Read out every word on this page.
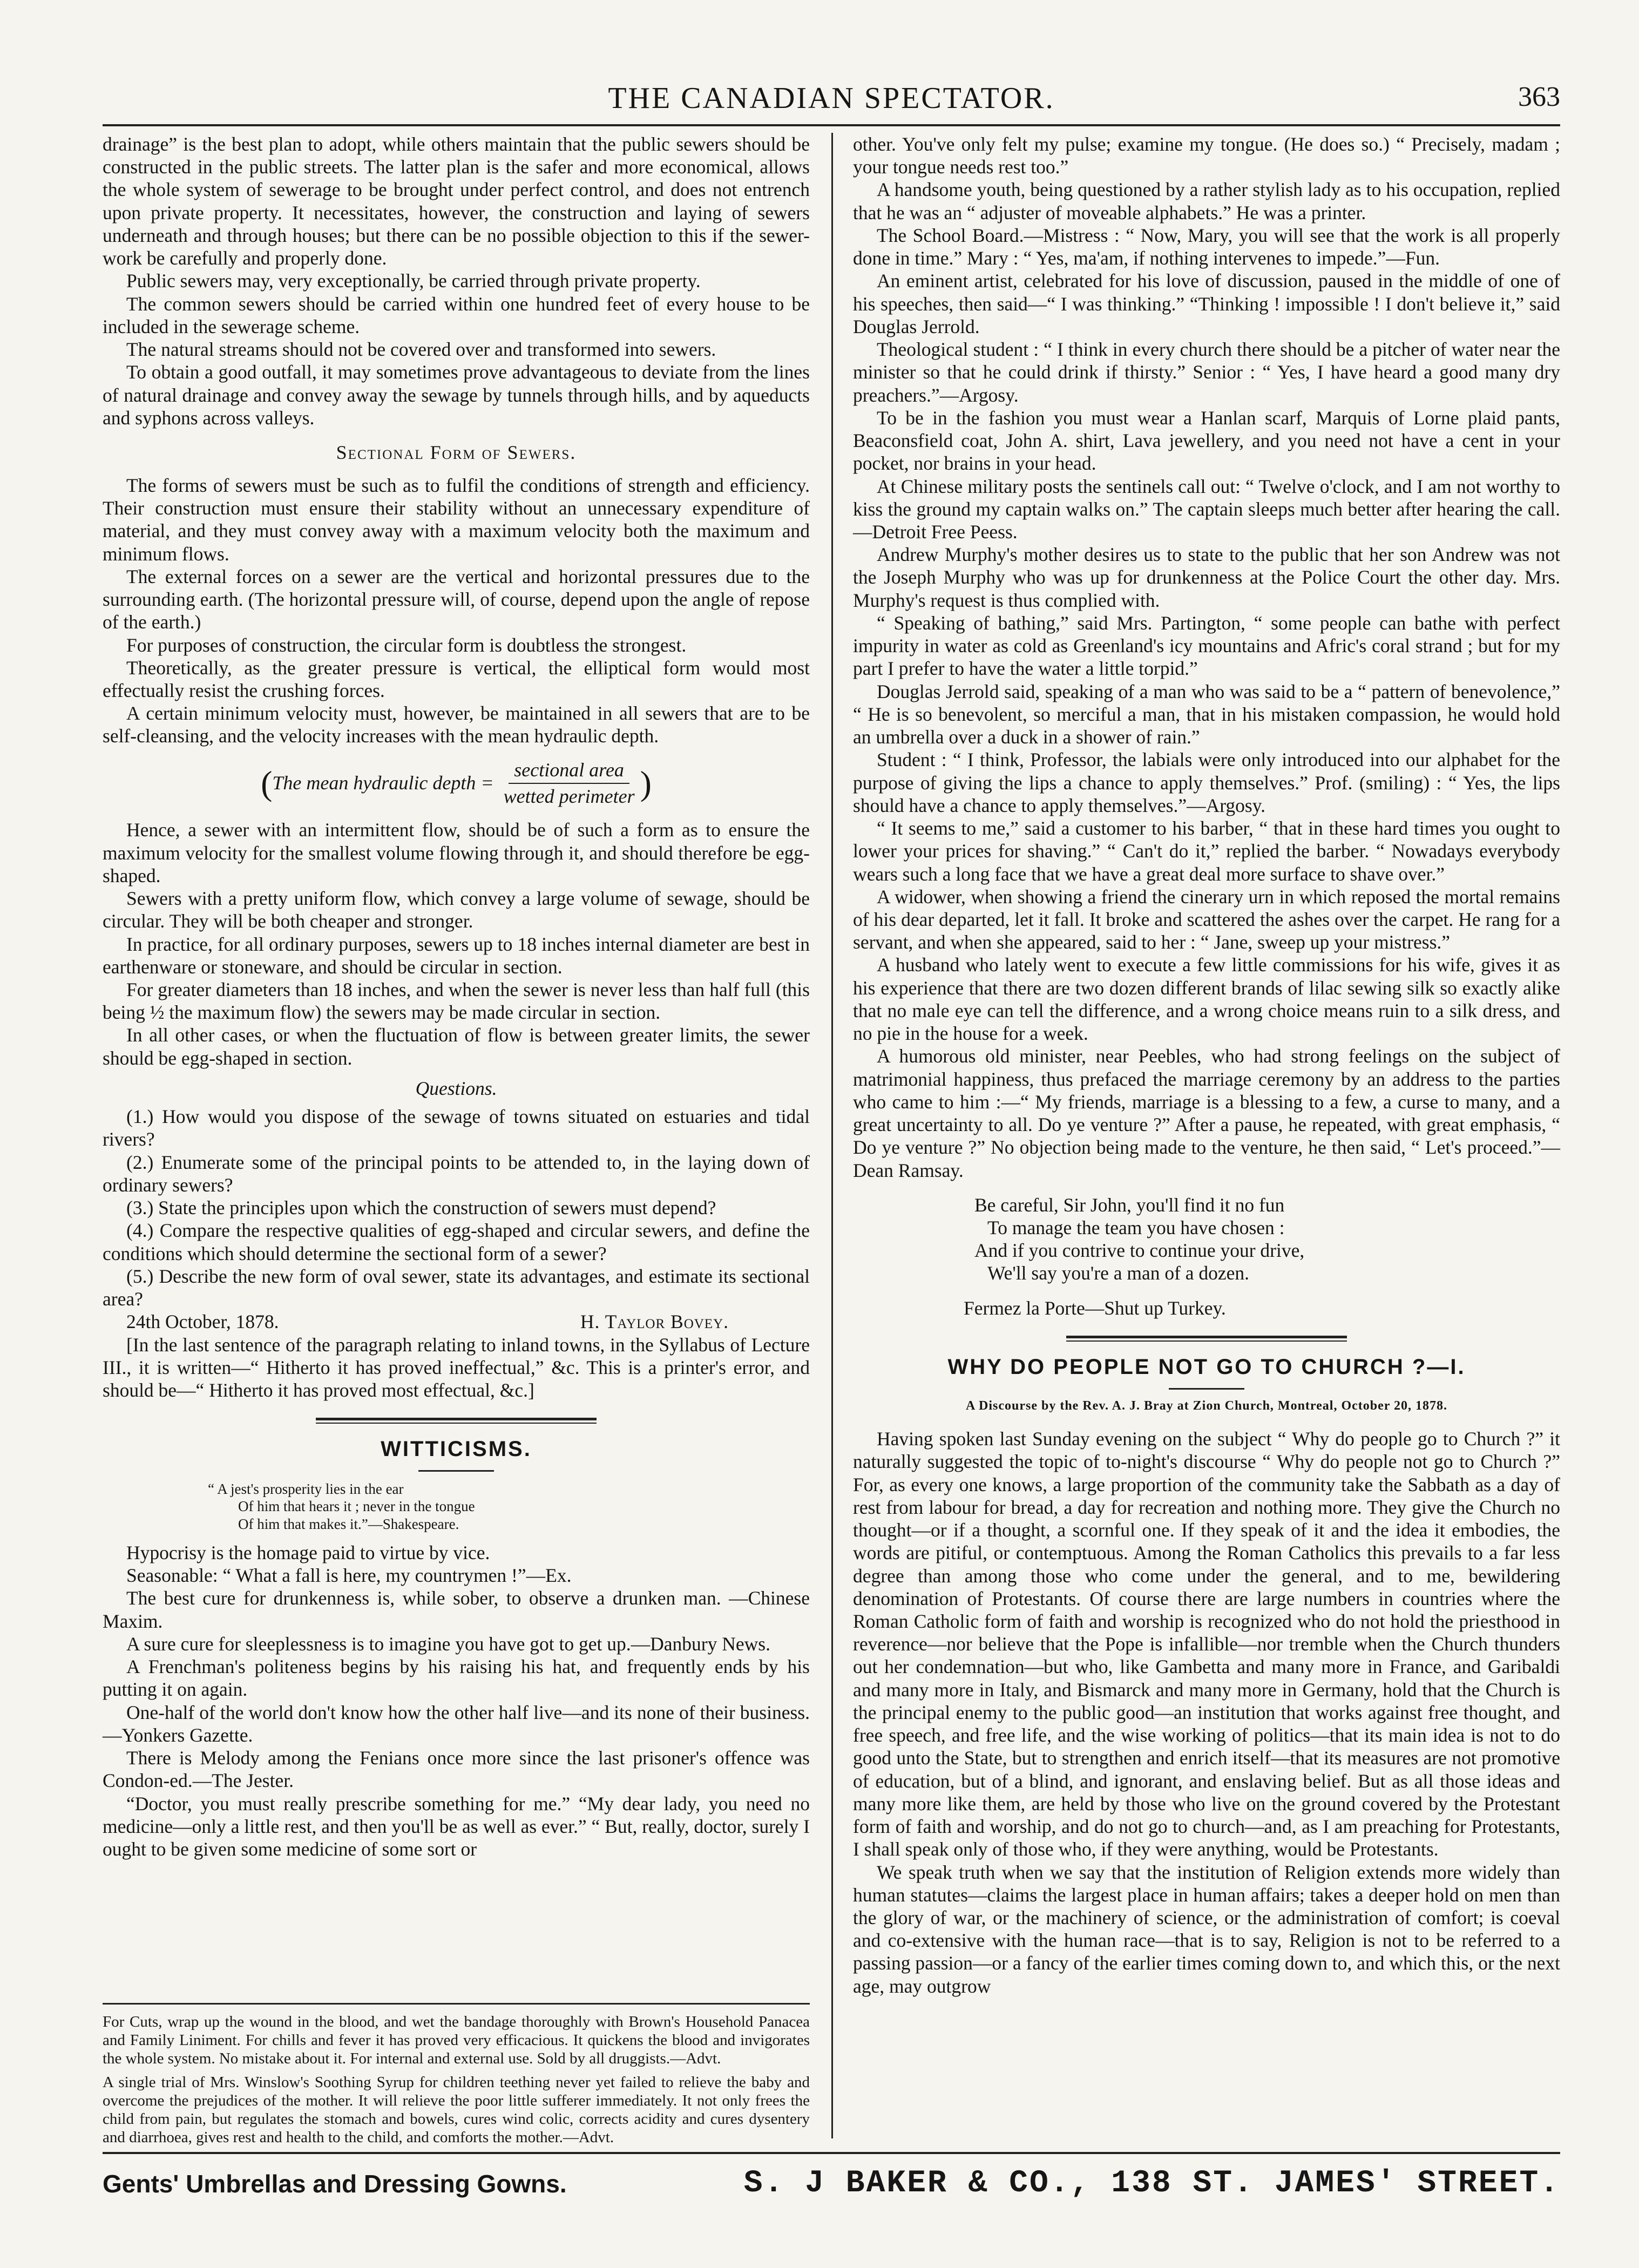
THE CANADIAN SPECTATOR.	363

drainage” is the best plan to adopt, while others maintain that the public sewers should be constructed in the public streets. The latter plan is the safer and more economical, allows the whole system of sewerage to be brought under perfect control, and does not entrench upon private property. It necessitates, however, the construction and laying of sewers underneath and through houses; but there can be no possible objection to this if the sewer-work be carefully and properly done.

Public sewers may, very exceptionally, be carried through private property.

The common sewers should be carried within one hundred feet of every house to be included in the sewerage scheme.

The natural streams should not be covered over and transformed into sewers.

To obtain a good outfall, it may sometimes prove advantageous to deviate from the lines of natural drainage and convey away the sewage by tunnels through hills, and by aqueducts and syphons across valleys.

Sectional Form of Sewers.

The forms of sewers must be such as to fulfil the conditions of strength and efficiency. Their construction must ensure their stability without an unnecessary expenditure of material, and they must convey away with a maximum velocity both the maximum and minimum flows.

The external forces on a sewer are the vertical and horizontal pressures due to the surrounding earth. (The horizontal pressure will, of course, depend upon the angle of repose of the earth.)

For purposes of construction, the circular form is doubtless the strongest.

Theoretically, as the greater pressure is vertical, the elliptical form would most effectually resist the crushing forces.

A certain minimum velocity must, however, be maintained in all sewers that are to be self-cleansing, and the velocity increases with the mean hydraulic depth.

( The mean hydraulic depth = $\frac{\text{sectional area}}{\text{wetted perimeter}}$ )

Hence, a sewer with an intermittent flow, should be of such a form as to ensure the maximum velocity for the smallest volume flowing through it, and should therefore be egg-shaped.

Sewers with a pretty uniform flow, which convey a large volume of sewage, should be circular. They will be both cheaper and stronger.

In practice, for all ordinary purposes, sewers up to 18 inches internal diameter are best in earthenware or stoneware, and should be circular in section.

For greater diameters than 18 inches, and when the sewer is never less than half full (this being ½ the maximum flow) the sewers may be made circular in section.

In all other cases, or when the fluctuation of flow is between greater limits, the sewer should be egg-shaped in section.

Questions.

(1.) How would you dispose of the sewage of towns situated on estuaries and tidal rivers?

(2.) Enumerate some of the principal points to be attended to, in the laying down of ordinary sewers?

(3.) State the principles upon which the construction of sewers must depend?

(4.) Compare the respective qualities of egg-shaped and circular sewers, and define the conditions which should determine the sectional form of a sewer?

(5.) Describe the new form of oval sewer, state its advantages, and estimate its sectional area?

24th October, 1878.	H. Taylor Bovey.

[In the last sentence of the paragraph relating to inland towns, in the Syllabus of Lecture III., it is written—“ Hitherto it has proved ineffectual,” &c. This is a printer's error, and should be—“ Hitherto it has proved most effectual, &c.]

WITTICISMS.
“ A jest's prosperity lies in the ear
Of him that hears it ; never in the tongue
Of him that makes it.”—Shakespeare.

Hypocrisy is the homage paid to virtue by vice.

Seasonable: “ What a fall is here, my countrymen !”—Ex.

The best cure for drunkenness is, while sober, to observe a drunken man. —Chinese Maxim.

A sure cure for sleeplessness is to imagine you have got to get up.—Danbury News.

A Frenchman's politeness begins by his raising his hat, and frequently ends by his putting it on again.

One-half of the world don't know how the other half live—and its none of their business.—Yonkers Gazette.

There is Melody among the Fenians once more since the last prisoner's offence was Condon-ed.—The Jester.

“Doctor, you must really prescribe something for me.” “My dear lady, you need no medicine—only a little rest, and then you'll be as well as ever.” “ But, really, doctor, surely I ought to be given some medicine of some sort or

For Cuts, wrap up the wound in the blood, and wet the bandage thoroughly with Brown's Household Panacea and Family Liniment. For chills and fever it has proved very efficacious. It quickens the blood and invigorates the whole system. No mistake about it. For internal and external use. Sold by all druggists.—Advt.

A single trial of Mrs. Winslow's Soothing Syrup for children teething never yet failed to relieve the baby and overcome the prejudices of the mother. It will relieve the poor little sufferer immediately. It not only frees the child from pain, but regulates the stomach and bowels, cures wind colic, corrects acidity and cures dysentery and diarrhoea, gives rest and health to the child, and comforts the mother.—Advt.

other. You've only felt my pulse; examine my tongue. (He does so.) “ Precisely, madam ; your tongue needs rest too.”

A handsome youth, being questioned by a rather stylish lady as to his occupation, replied that he was an “ adjuster of moveable alphabets.” He was a printer.

The School Board.—Mistress : “ Now, Mary, you will see that the work is all properly done in time.” Mary : “ Yes, ma'am, if nothing intervenes to impede.”—Fun.

An eminent artist, celebrated for his love of discussion, paused in the middle of one of his speeches, then said—“ I was thinking.” “Thinking ! impossible ! I don't believe it,” said Douglas Jerrold.

Theological student : “ I think in every church there should be a pitcher of water near the minister so that he could drink if thirsty.” Senior : “ Yes, I have heard a good many dry preachers.”—Argosy.

To be in the fashion you must wear a Hanlan scarf, Marquis of Lorne plaid pants, Beaconsfield coat, John A. shirt, Lava jewellery, and you need not have a cent in your pocket, nor brains in your head.

At Chinese military posts the sentinels call out: “ Twelve o'clock, and I am not worthy to kiss the ground my captain walks on.” The captain sleeps much better after hearing the call.—Detroit Free Peess.

Andrew Murphy's mother desires us to state to the public that her son Andrew was not the Joseph Murphy who was up for drunkenness at the Police Court the other day. Mrs. Murphy's request is thus complied with.

“ Speaking of bathing,” said Mrs. Partington, “ some people can bathe with perfect impurity in water as cold as Greenland's icy mountains and Afric's coral strand ; but for my part I prefer to have the water a little torpid.”

Douglas Jerrold said, speaking of a man who was said to be a “ pattern of benevolence,” “ He is so benevolent, so merciful a man, that in his mistaken compassion, he would hold an umbrella over a duck in a shower of rain.”

Student : “ I think, Professor, the labials were only introduced into our alphabet for the purpose of giving the lips a chance to apply themselves.” Prof. (smiling) : “ Yes, the lips should have a chance to apply themselves.”—Argosy.

“ It seems to me,” said a customer to his barber, “ that in these hard times you ought to lower your prices for shaving.” “ Can't do it,” replied the barber. “ Nowadays everybody wears such a long face that we have a great deal more surface to shave over.”

A widower, when showing a friend the cinerary urn in which reposed the mortal remains of his dear departed, let it fall. It broke and scattered the ashes over the carpet. He rang for a servant, and when she appeared, said to her : “ Jane, sweep up your mistress.”

A husband who lately went to execute a few little commissions for his wife, gives it as his experience that there are two dozen different brands of lilac sewing silk so exactly alike that no male eye can tell the difference, and a wrong choice means ruin to a silk dress, and no pie in the house for a week.

A humorous old minister, near Peebles, who had strong feelings on the subject of matrimonial happiness, thus prefaced the marriage ceremony by an address to the parties who came to him :—“ My friends, marriage is a blessing to a few, a curse to many, and a great uncertainty to all. Do ye venture ?” After a pause, he repeated, with great emphasis, “ Do ye venture ?” No objection being made to the venture, he then said, “ Let's proceed.”—Dean Ramsay.

Be careful, Sir John, you'll find it no fun
To manage the team you have chosen :
And if you contrive to continue your drive,
We'll say you're a man of a dozen.
Fermez la Porte—Shut up Turkey.
WHY DO PEOPLE NOT GO TO CHURCH ?—I.
A Discourse by the Rev. A. J. Bray at Zion Church, Montreal, October 20, 1878.

Having spoken last Sunday evening on the subject “ Why do people go to Church ?” it naturally suggested the topic of to-night's discourse “ Why do people not go to Church ?” For, as every one knows, a large proportion of the community take the Sabbath as a day of rest from labour for bread, a day for recreation and nothing more. They give the Church no thought—or if a thought, a scornful one. If they speak of it and the idea it embodies, the words are pitiful, or contemptuous. Among the Roman Catholics this prevails to a far less degree than among those who come under the general, and to me, bewildering denomination of Protestants. Of course there are large numbers in countries where the Roman Catholic form of faith and worship is recognized who do not hold the priesthood in reverence—nor believe that the Pope is infallible—nor tremble when the Church thunders out her condemnation—but who, like Gambetta and many more in France, and Garibaldi and many more in Italy, and Bismarck and many more in Germany, hold that the Church is the principal enemy to the public good—an institution that works against free thought, and free speech, and free life, and the wise working of politics—that its main idea is not to do good unto the State, but to strengthen and enrich itself—that its measures are not promotive of education, but of a blind, and ignorant, and enslaving belief. But as all those ideas and many more like them, are held by those who live on the ground covered by the Protestant form of faith and worship, and do not go to church—and, as I am preaching for Protestants, I shall speak only of those who, if they were anything, would be Protestants.

We speak truth when we say that the institution of Religion extends more widely than human statutes—claims the largest place in human affairs; takes a deeper hold on men than the glory of war, or the machinery of science, or the administration of comfort; is coeval and co-extensive with the human race—that is to say, Religion is not to be referred to a passing passion—or a fancy of the earlier times coming down to, and which this, or the next age, may outgrow

Gents' Umbrellas and Dressing Gowns.	S. J BAKER & CO., 138 ST. JAMES' STREET.
